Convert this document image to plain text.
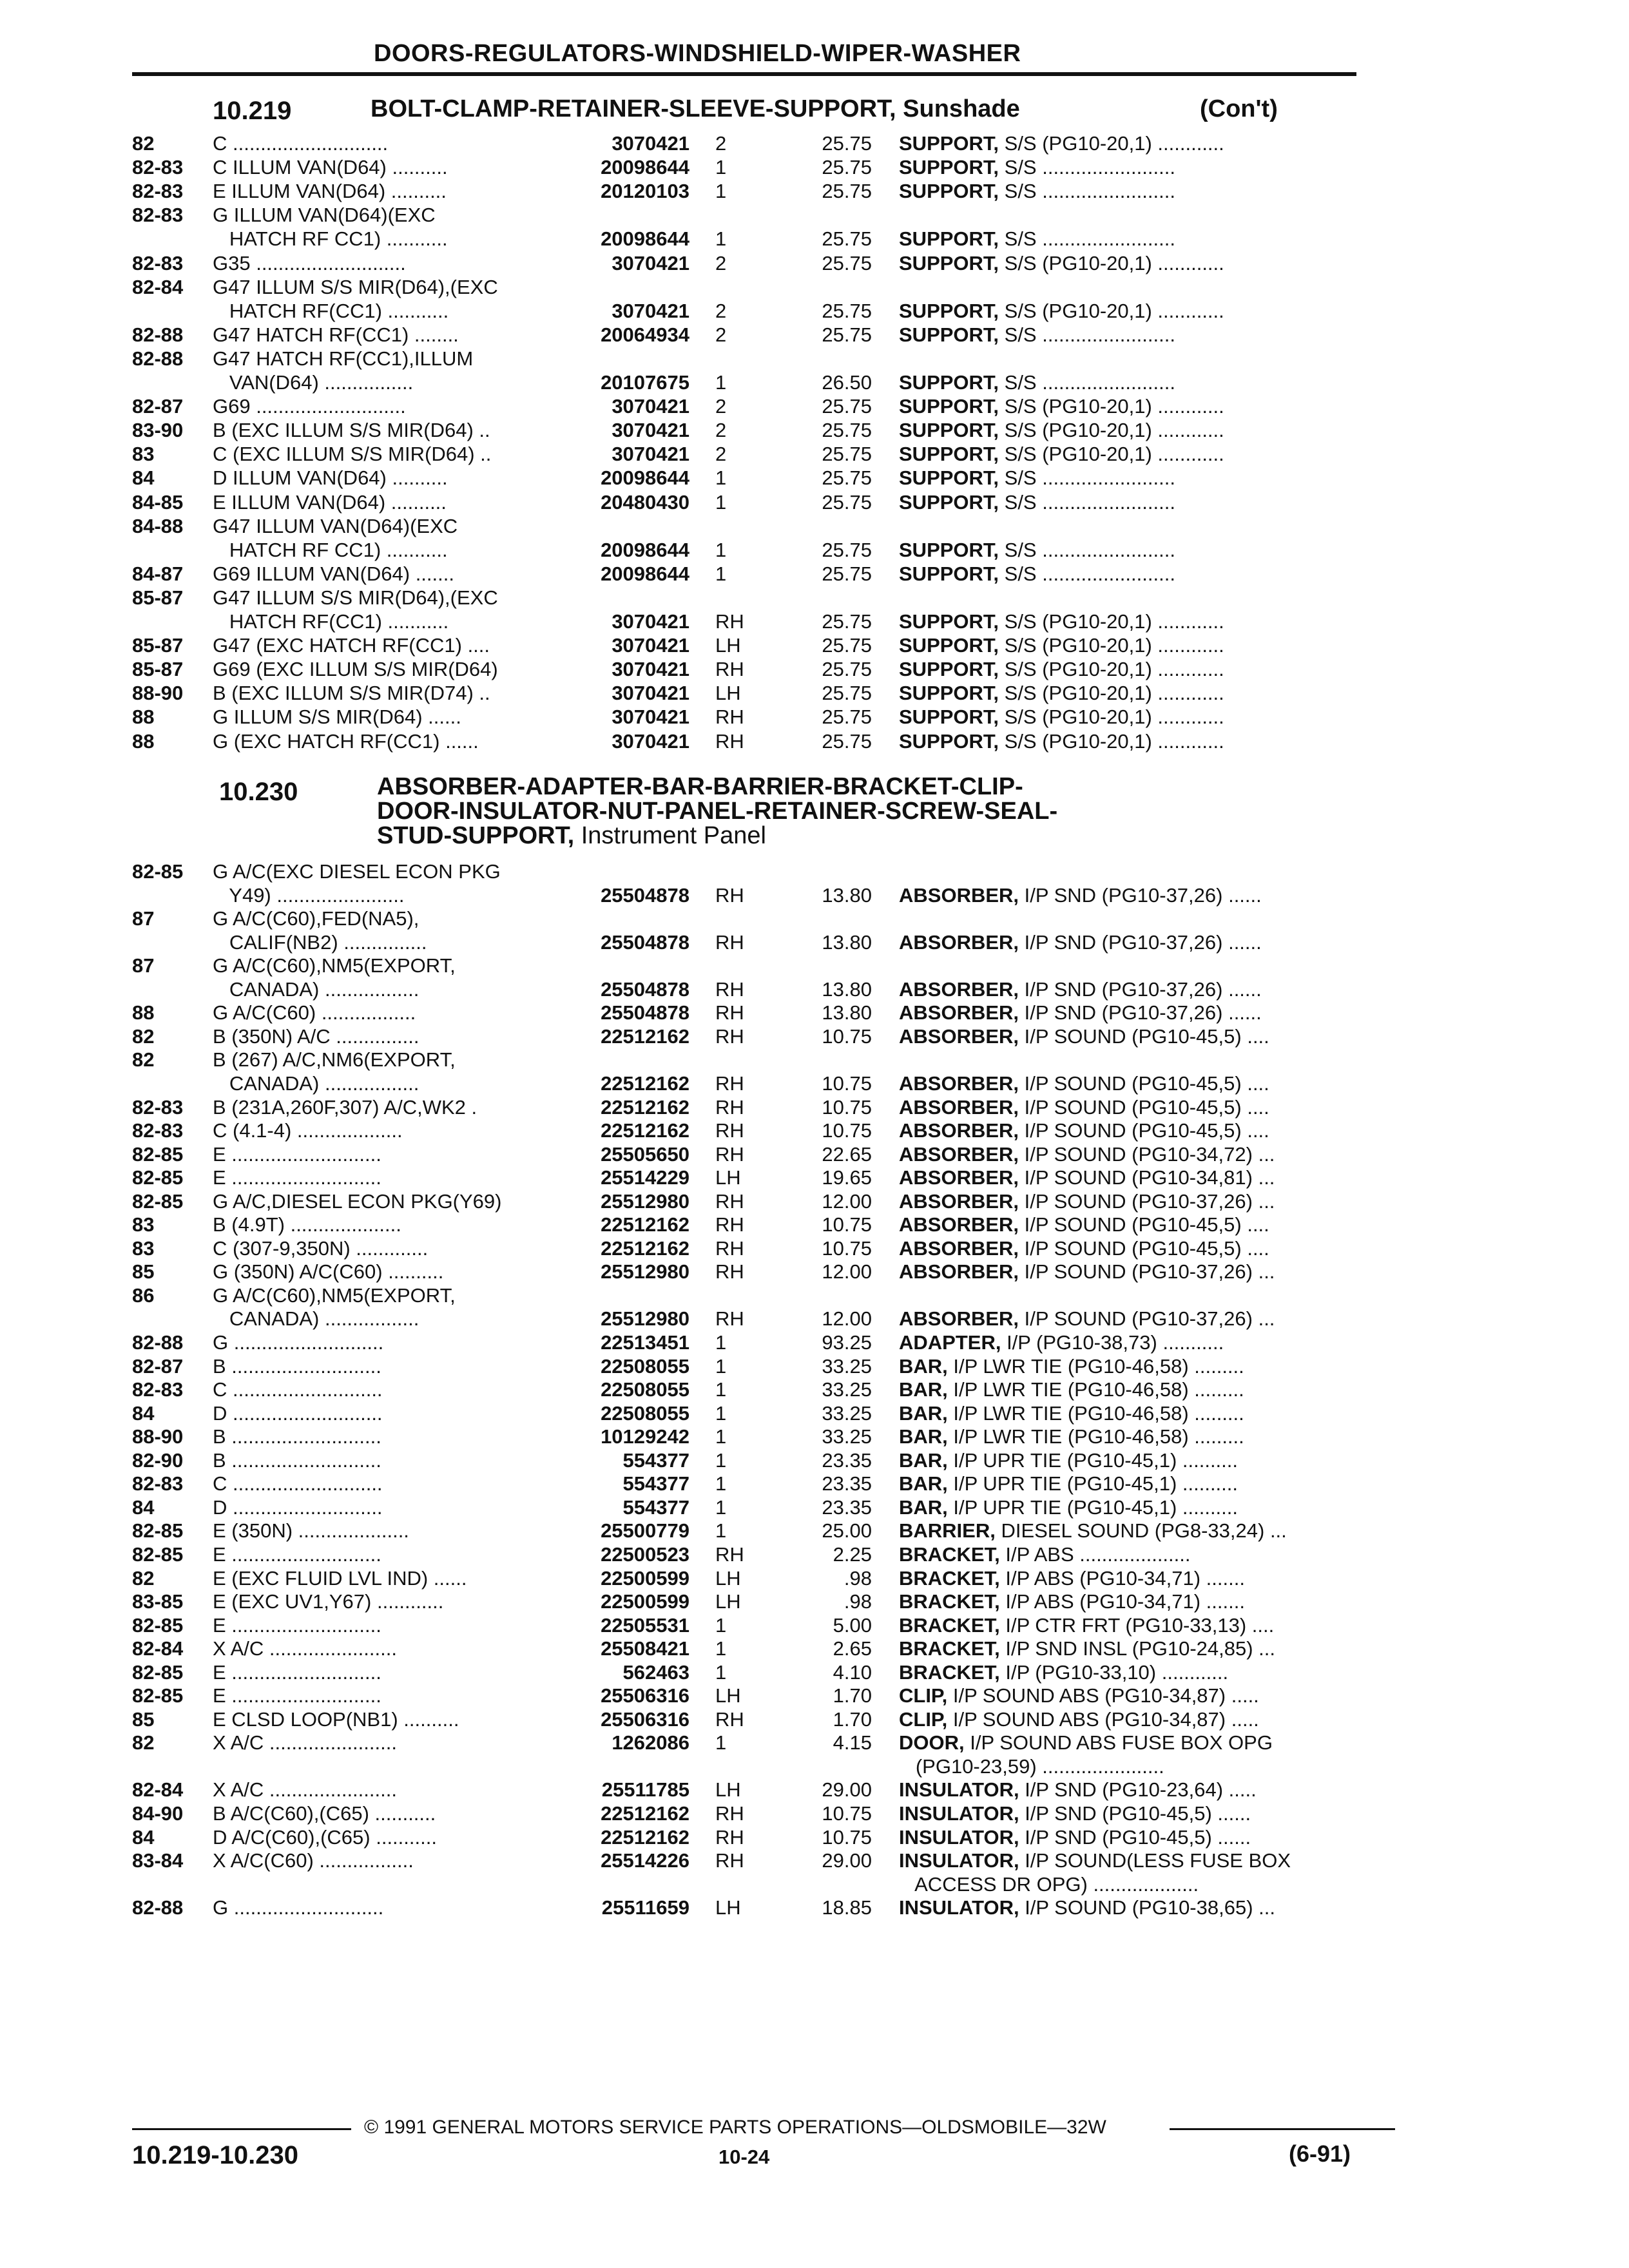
DOORS-REGULATORS-WINDSHIELD-WIPER-WASHER
10.219	BOLT-CLAMP-RETAINER-SLEEVE-SUPPORT, Sunshade	(Con't)
82	C ............................	3070421 2	25.75 SUPPORT, S/S (PG10-20,1) ............
82-83 C ILLUM VAN(D64) ..........	20098644 1	25.75 SUPPORT, S/S ........................
82-83 E ILLUM VAN(D64) ..........	20120103 1	25.75 SUPPORT, S/S ........................
82-83 G ILLUM VAN(D64)(EXC
HATCH RF CC1) ...........	20098644 1	25.75 SUPPORT, S/S ........................
82-83 G35 ...........................	3070421 2	25.75 SUPPORT, S/S (PG10-20,1) ............
82-84 G47 ILLUM S/S MIR(D64),(EXC
HATCH RF(CC1) ...........	3070421 2	25.75 SUPPORT, S/S (PG10-20,1) ............
82-88 G47 HATCH RF(CC1) ........	20064934 2	25.75 SUPPORT, S/S ........................
82-88 G47 HATCH RF(CC1),ILLUM
VAN(D64) ................	20107675 1	26.50 SUPPORT, S/S ........................
82-87 G69 ...........................	3070421 2	25.75 SUPPORT, S/S (PG10-20,1) ............
83-90 B (EXC ILLUM S/S MIR(D64) ..	3070421 2	25.75 SUPPORT, S/S (PG10-20,1) ............
83	C (EXC ILLUM S/S MIR(D64) ..	3070421 2	25.75 SUPPORT, S/S (PG10-20,1) ............
84	D ILLUM VAN(D64) ..........	20098644 1	25.75 SUPPORT, S/S ........................
84-85 E ILLUM VAN(D64) ..........	20480430 1	25.75 SUPPORT, S/S ........................
84-88 G47 ILLUM VAN(D64)(EXC
HATCH RF CC1) ...........	20098644 1	25.75 SUPPORT, S/S ........................
84-87 G69 ILLUM VAN(D64) .......	20098644 1	25.75 SUPPORT, S/S ........................
85-87 G47 ILLUM S/S MIR(D64),(EXC
HATCH RF(CC1) ...........	3070421 RH	25.75 SUPPORT, S/S (PG10-20,1) ............
85-87 G47 (EXC HATCH RF(CC1) ....	3070421 LH	25.75 SUPPORT, S/S (PG10-20,1) ............
85-87 G69 (EXC ILLUM S/S MIR(D64)	3070421 RH	25.75 SUPPORT, S/S (PG10-20,1) ............
88-90 B (EXC ILLUM S/S MIR(D74) ..	3070421 LH	25.75 SUPPORT, S/S (PG10-20,1) ............
88	G ILLUM S/S MIR(D64) ......	3070421 RH	25.75 SUPPORT, S/S (PG10-20,1) ............
88	G (EXC HATCH RF(CC1) ......	3070421 RH	25.75 SUPPORT, S/S (PG10-20,1) ............
10.230	ABSORBER-ADAPTER-BAR-BARRIER-BRACKET-CLIP-
DOOR-INSULATOR-NUT-PANEL-RETAINER-SCREW-SEAL-
STUD-SUPPORT, Instrument Panel
82-85 G A/C(EXC DIESEL ECON PKG
Y49) .......................	25504878 RH	13.80 ABSORBER, I/P SND (PG10-37,26) ......
87	G A/C(C60),FED(NA5),
CALIF(NB2) ...............	25504878 RH	13.80 ABSORBER, I/P SND (PG10-37,26) ......
87	G A/C(C60),NM5(EXPORT,
CANADA) .................	25504878 RH	13.80 ABSORBER, I/P SND (PG10-37,26) ......
88	G A/C(C60) .................	25504878 RH	13.80 ABSORBER, I/P SND (PG10-37,26) ......
82	B (350N) A/C ...............	22512162 RH	10.75 ABSORBER, I/P SOUND (PG10-45,5) ....
82	B (267) A/C,NM6(EXPORT,
CANADA) .................	22512162 RH	10.75 ABSORBER, I/P SOUND (PG10-45,5) ....
82-83 B (231A,260F,307) A/C,WK2 .	22512162 RH	10.75 ABSORBER, I/P SOUND (PG10-45,5) ....
82-83 C (4.1-4) ...................	22512162 RH	10.75 ABSORBER, I/P SOUND (PG10-45,5) ....
82-85 E ...........................	25505650 RH	22.65 ABSORBER, I/P SOUND (PG10-34,72) ...
82-85 E ...........................	25514229 LH	19.65 ABSORBER, I/P SOUND (PG10-34,81) ...
82-85 G A/C,DIESEL ECON PKG(Y69)	25512980 RH	12.00 ABSORBER, I/P SOUND (PG10-37,26) ...
83	B (4.9T) ....................	22512162 RH	10.75 ABSORBER, I/P SOUND (PG10-45,5) ....
83	C (307-9,350N) .............	22512162 RH	10.75 ABSORBER, I/P SOUND (PG10-45,5) ....
85	G (350N) A/C(C60) ..........	25512980 RH	12.00 ABSORBER, I/P SOUND (PG10-37,26) ...
86	G A/C(C60),NM5(EXPORT,
CANADA) .................	25512980 RH	12.00 ABSORBER, I/P SOUND (PG10-37,26) ...
82-88 G ...........................	22513451 1	93.25 ADAPTER, I/P (PG10-38,73) ...........
82-87 B ...........................	22508055 1	33.25 BAR, I/P LWR TIE (PG10-46,58) .........
82-83 C ...........................	22508055 1	33.25 BAR, I/P LWR TIE (PG10-46,58) .........
84	D ...........................	22508055 1	33.25 BAR, I/P LWR TIE (PG10-46,58) .........
88-90 B ...........................	10129242 1	33.25 BAR, I/P LWR TIE (PG10-46,58) .........
82-90 B ...........................	554377 1	23.35 BAR, I/P UPR TIE (PG10-45,1) ..........
82-83 C ...........................	554377 1	23.35 BAR, I/P UPR TIE (PG10-45,1) ..........
84	D ...........................	554377 1	23.35 BAR, I/P UPR TIE (PG10-45,1) ..........
82-85 E (350N) ....................	25500779 1	25.00 BARRIER, DIESEL SOUND (PG8-33,24) ...
82-85 E ...........................	22500523 RH	2.25 BRACKET, I/P ABS ....................
82	E (EXC FLUID LVL IND) ......	22500599 LH	.98 BRACKET, I/P ABS (PG10-34,71) .......
83-85 E (EXC UV1,Y67) ............	22500599 LH	.98 BRACKET, I/P ABS (PG10-34,71) .......
82-85 E ...........................	22505531 1	5.00 BRACKET, I/P CTR FRT (PG10-33,13) ....
82-84 X A/C .......................	25508421 1	2.65 BRACKET, I/P SND INSL (PG10-24,85) ...
82-85 E ...........................	562463 1	4.10 BRACKET, I/P (PG10-33,10) ............
82-85 E ...........................	25506316 LH	1.70 CLIP, I/P SOUND ABS (PG10-34,87) .....
85	E CLSD LOOP(NB1) ..........	25506316 RH	1.70 CLIP, I/P SOUND ABS (PG10-34,87) .....
82	X A/C .......................	1262086 1	4.15 DOOR, I/P SOUND ABS FUSE BOX OPG
(PG10-23,59) ......................
82-84 X A/C .......................	25511785 LH	29.00 INSULATOR, I/P SND (PG10-23,64) .....
84-90 B A/C(C60),(C65) ...........	22512162 RH	10.75 INSULATOR, I/P SND (PG10-45,5) ......
84	D A/C(C60),(C65) ...........	22512162 RH	10.75 INSULATOR, I/P SND (PG10-45,5) ......
83-84 X A/C(C60) .................	25514226 RH	29.00 INSULATOR, I/P SOUND(LESS FUSE BOX
ACCESS DR OPG) ...................
82-88 G ...........................	25511659 LH	18.85 INSULATOR, I/P SOUND (PG10-38,65) ...
© 1991 GENERAL MOTORS SERVICE PARTS OPERATIONS—OLDSMOBILE—32W
10.219-10.230	10-24	(6-91)
